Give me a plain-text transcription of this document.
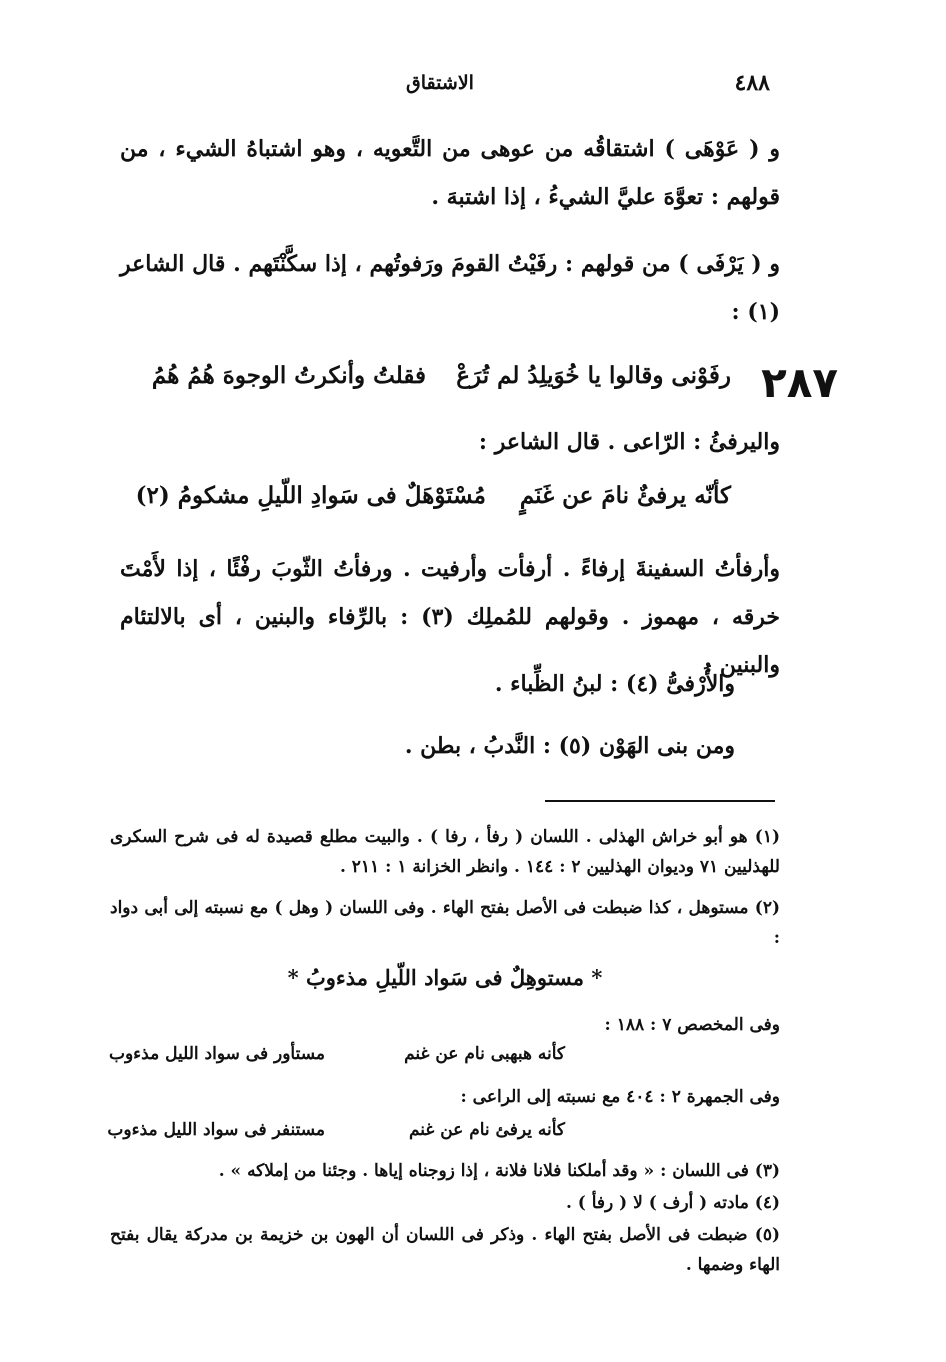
٤٨٨
الاشتقاق

و ( عَوْهَى ) اشتقاقُه من عوهى من التَّعويه ، وهو اشتباهُ الشيء ، من قولهم : تعوَّهَ عليَّ الشيءُ ، إذا اشتبهَ .

و ( يَرْفَى ) من قولهم : رفَيْتُ القومَ ورَفوتُهم ، إذا سكَّنْتَهم . قال الشاعر (١) :

٢٨٧
رفَوْنى وقالوا يا خُوَيلِدُ لم تُرَعْ
فقلتُ وأنكرتُ الوجوهَ هُمُ هُمُ

واليرفئُ : الرّاعى . قال الشاعر :

كأنّه يرفئٌ نامَ عن غَنَمٍ
مُسْتَوْهَلٌ فى سَوادِ اللّيلِ مشكومُ (٢)

وأرفأتُ السفينةَ إرفاءً . أرفأت وأرفيت . ورفأتُ الثّوبَ رفْئًا ، إذا لأَمْتَ خرقه ، مهموز . وقولهم للمُملِك (٣) : بالرِّفاء والبنين ، أى بالالتئام والبنين .

والأُرْفىُّ (٤) : لبنُ الظِّباء .

ومن بنى الهَوْن (٥) : النَّدبُ ، بطن .

(١) هو أبو خراش الهذلى . اللسان ( رفأ ، رفا ) . والبيت مطلع قصيدة له فى شرح السكرى للهذليين ٧١ وديوان الهذليين ٢ : ١٤٤ . وانظر الخزانة ١ : ٢١١ .

(٢) مستوهل ، كذا ضبطت فى الأصل بفتح الهاء . وفى اللسان ( وهل ) مع نسبته إلى أبى دواد :

* مستوهِلٌ فى سَواد اللّيلِ مذءوبُ *

وفى المخصص ٧ : ١٨٨ :

كأنه هبهبى نام عن غنم
مستأور فى سواد الليل مذءوب

وفى الجمهرة ٢ : ٤٠٤ مع نسبته إلى الراعى :

كأنه يرفئ نام عن غنم
مستنفر فى سواد الليل مذءوب

(٣) فى اللسان : « وقد أملكنا فلانا فلانة ، إذا زوجناه إياها . وجئنا من إملاكه » .

(٤) مادته ( أرف ) لا ( رفأ ) .

(٥) ضبطت فى الأصل بفتح الهاء . وذكر فى اللسان أن الهون بن خزيمة بن مدركة يقال بفتح الهاء وضمها .
